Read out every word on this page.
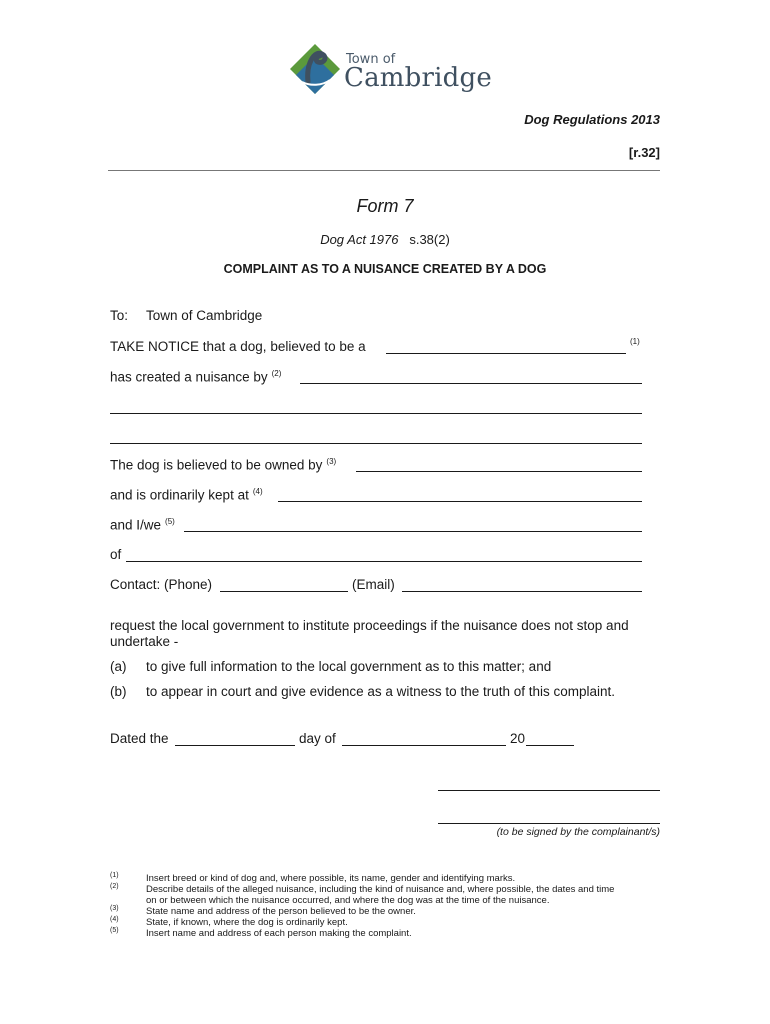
Town of
Cambridge
Dog Regulations 2013
[r.32]
Form 7
Dog Act 1976 s.38(2)
COMPLAINT AS TO A NUISANCE CREATED BY A DOG
To: Town of Cambridge
TAKE NOTICE that a dog, believed to be a	(1)
has created a nuisance by $^{(2)}$
The dog is believed to be owned by $^{(3)}$
and is ordinarily kept at $^{(4)}$
and I/we $^{(5)}$
of
Contact: (Phone)	(Email)
request the local government to institute proceedings if the nuisance does not stop and
undertake -
(a) to give full information to the local government as to this matter; and
(b) to appear in court and give evidence as a witness to the truth of this complaint.
Dated the	day of	20
(to be signed by the complainant/s)
(1)	Insert breed or kind of dog and, where possible, its name, gender and identifying marks.
(2)	Describe details of the alleged nuisance, including the kind of nuisance and, where possible, the dates and time
on or between which the nuisance occurred, and where the dog was at the time of the nuisance.
(3)	State name and address of the person believed to be the owner.
(4)	State, if known, where the dog is ordinarily kept.
(5)	Insert name and address of each person making the complaint.
